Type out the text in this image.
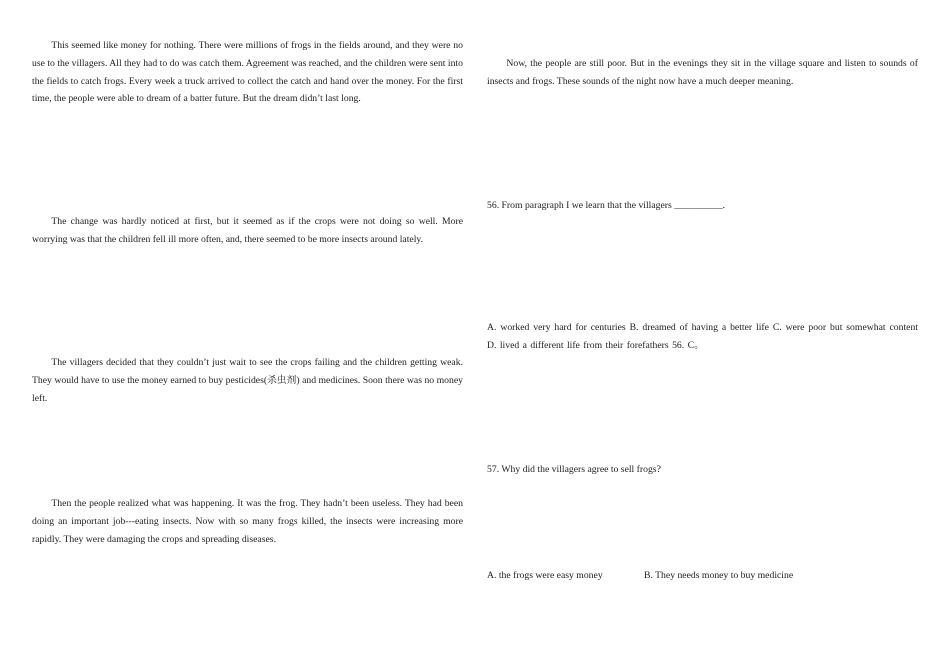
This seemed like money for nothing. There were millions of frogs in the fields around, and they were no use to the villagers. All they had to do was catch them. Agreement was reached, and the children were sent into the fields to catch frogs. Every week a truck arrived to collect the catch and hand over the money. For the first time, the people were able to dream of a batter future. But the dream didn’t last long.

The change was hardly noticed at first, but it seemed as if the crops were not doing so well. More worrying was that the children fell ill more often, and, there seemed to be more insects around lately.

The villagers decided that they couldn’t just wait to see the crops failing and the children getting weak. They would have to use the money earned to buy pesticides(杀虫剂) and medicines. Soon there was no money left.

Then the people realized what was happening. It was the frog. They hadn’t been useless. They had been doing an important job---eating insects. Now with so many frogs killed, the insects were increasing more rapidly. They were damaging the crops and spreading diseases.

Now, the people are still poor. But in the evenings they sit in the village square and listen to sounds of insects and frogs. These sounds of the night now have a much deeper meaning.

56. From paragraph I we learn that the villagers __________.

A. worked very hard for centuries B. dreamed of having a better life C. were poor but somewhat content D. lived a different life from their forefathers 56. C。

57. Why did the villagers agree to sell frogs?

A. the frogs were easy money	B. They needs money to buy medicine
